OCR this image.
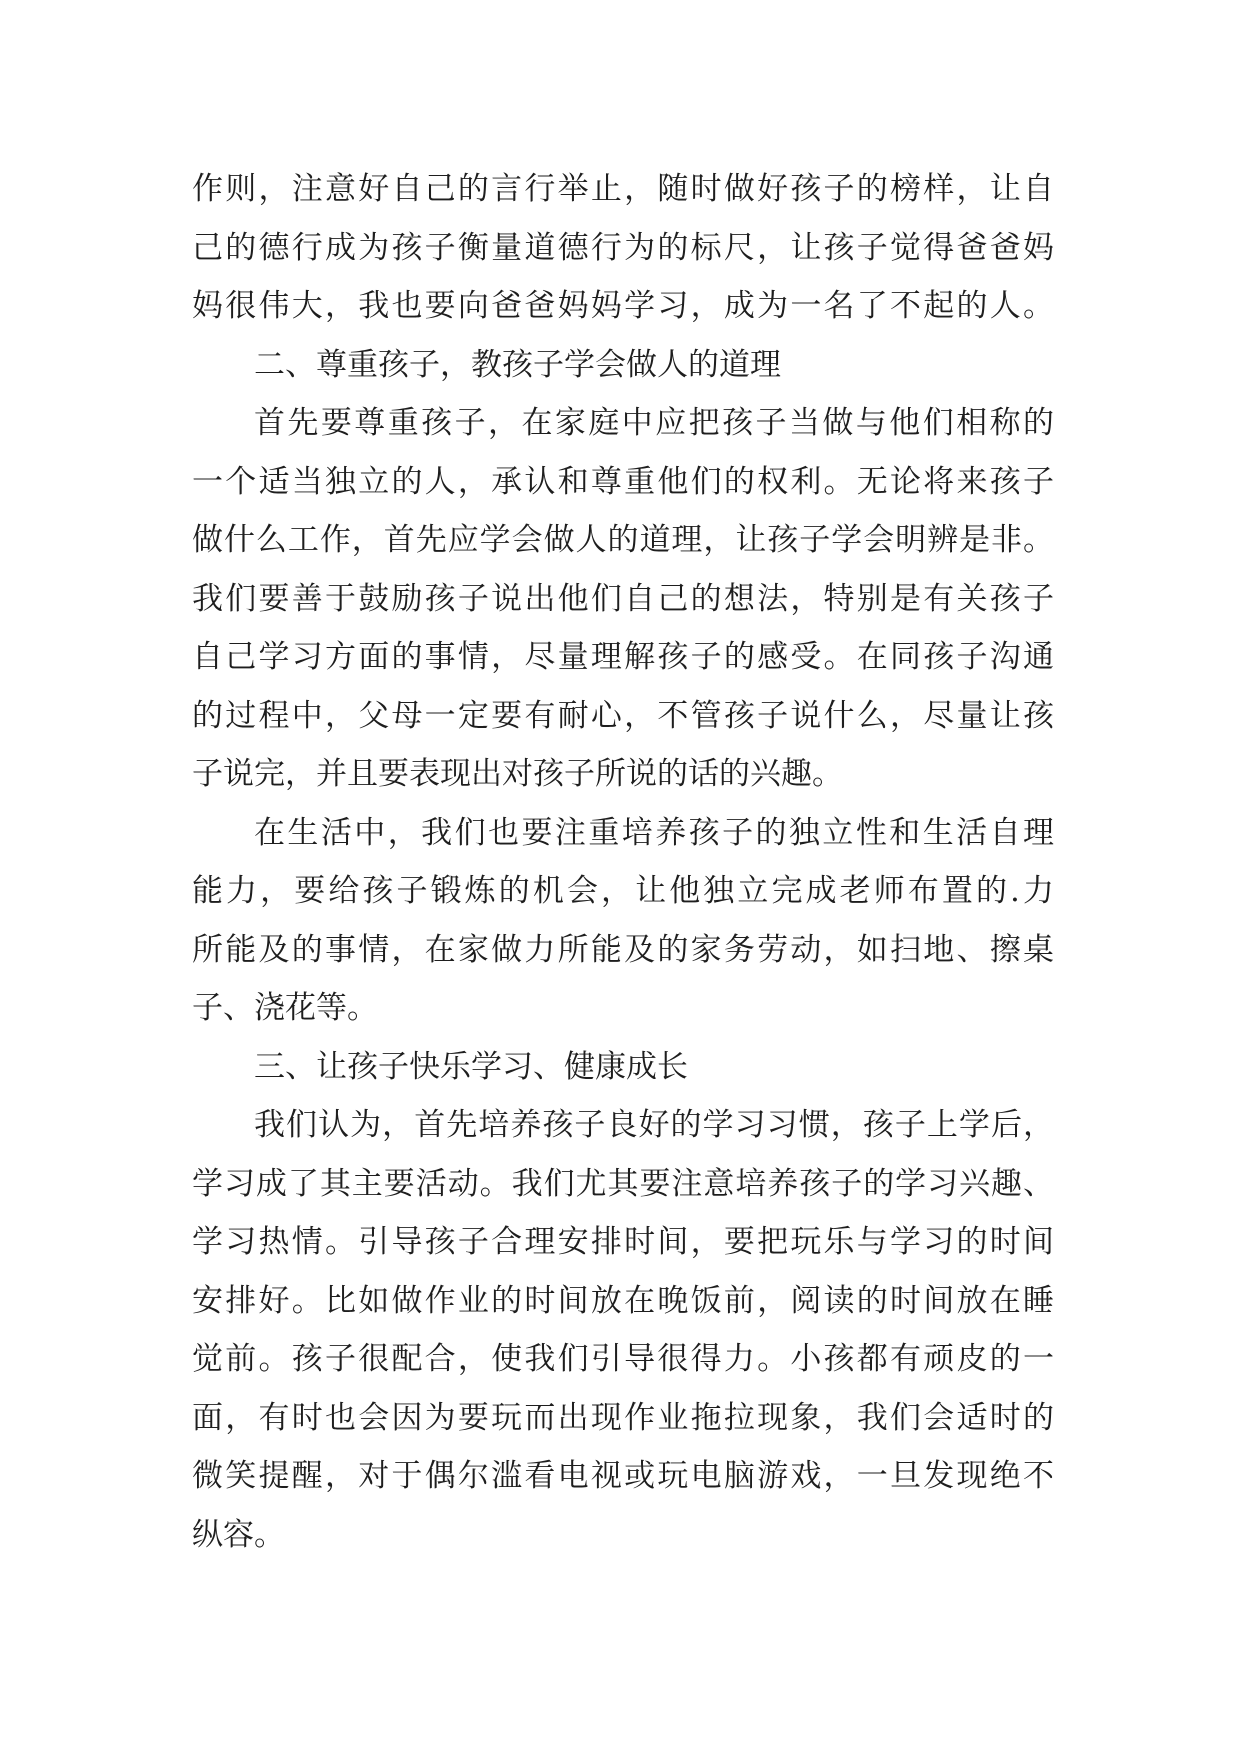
作则，注意好自己的言行举止，随时做好孩子的榜样，让自
己的德行成为孩子衡量道德行为的标尺，让孩子觉得爸爸妈
妈很伟大，我也要向爸爸妈妈学习，成为一名了不起的人。
二、尊重孩子，教孩子学会做人的道理
首先要尊重孩子，在家庭中应把孩子当做与他们相称的
一个适当独立的人，承认和尊重他们的权利。无论将来孩子
做什么工作，首先应学会做人的道理，让孩子学会明辨是非。
我们要善于鼓励孩子说出他们自己的想法，特别是有关孩子
自己学习方面的事情，尽量理解孩子的感受。在同孩子沟通
的过程中，父母一定要有耐心，不管孩子说什么，尽量让孩
子说完，并且要表现出对孩子所说的话的兴趣。
在生活中，我们也要注重培养孩子的独立性和生活自理
能力，要给孩子锻炼的机会，让他独立完成老师布置的.力
所能及的事情，在家做力所能及的家务劳动，如扫地、擦桌
子、浇花等。
三、让孩子快乐学习、健康成长
我们认为，首先培养孩子良好的学习习惯，孩子上学后，
学习成了其主要活动。我们尤其要注意培养孩子的学习兴趣、
学习热情。引导孩子合理安排时间，要把玩乐与学习的时间
安排好。比如做作业的时间放在晚饭前，阅读的时间放在睡
觉前。孩子很配合，使我们引导很得力。小孩都有顽皮的一
面，有时也会因为要玩而出现作业拖拉现象，我们会适时的
微笑提醒，对于偶尔滥看电视或玩电脑游戏，一旦发现绝不
纵容。
